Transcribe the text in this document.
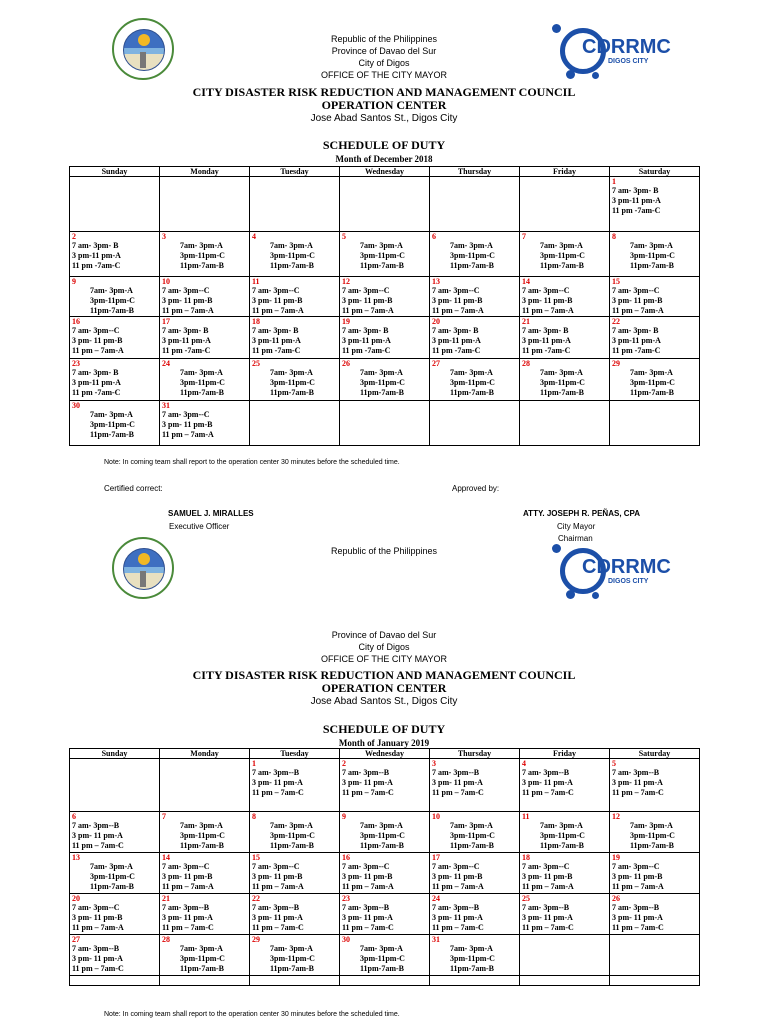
CDRRMC
DIGOS CITY
Republic of the Philippines
Province of Davao del Sur
City of Digos
OFFICE OF THE CITY MAYOR
CITY DISASTER RISK REDUCTION AND MANAGEMENT COUNCIL
OPERATION CENTER
Jose Abad Santos St., Digos City
SCHEDULE OF DUTY
Month of December 2018
Sunday	Monday	Tuesday	Wednesday	Thursday	Friday	Saturday

						1
7 am- 3pm- B
3 pm-11 pm-A
11 pm -7am-C

2
7 am- 3pm- B
3 pm-11 pm-A
11 pm -7am-C	3
7am- 3pm-A
3pm-11pm-C
11pm-7am-B	4
7am- 3pm-A
3pm-11pm-C
11pm-7am-B	5
7am- 3pm-A
3pm-11pm-C
11pm-7am-B	6
7am- 3pm-A
3pm-11pm-C
11pm-7am-B	7
7am- 3pm-A
3pm-11pm-C
11pm-7am-B	8
7am- 3pm-A
3pm-11pm-C
11pm-7am-B

9
7am- 3pm-A
3pm-11pm-C
11pm-7am-B	10
7 am- 3pm--C
3 pm- 11 pm-B
11 pm – 7am-A	11
7 am- 3pm--C
3 pm- 11 pm-B
11 pm – 7am-A	12
7 am- 3pm--C
3 pm- 11 pm-B
11 pm – 7am-A	13
7 am- 3pm--C
3 pm- 11 pm-B
11 pm – 7am-A	14
7 am- 3pm--C
3 pm- 11 pm-B
11 pm – 7am-A	15
7 am- 3pm--C
3 pm- 11 pm-B
11 pm – 7am-A

16
7 am- 3pm--C
3 pm- 11 pm-B
11 pm – 7am-A	17
7 am- 3pm- B
3 pm-11 pm-A
11 pm -7am-C	18
7 am- 3pm- B
3 pm-11 pm-A
11 pm -7am-C	19
7 am- 3pm- B
3 pm-11 pm-A
11 pm -7am-C	20
7 am- 3pm- B
3 pm-11 pm-A
11 pm -7am-C	21
7 am- 3pm- B
3 pm-11 pm-A
11 pm -7am-C	22
7 am- 3pm- B
3 pm-11 pm-A
11 pm -7am-C

23
7 am- 3pm- B
3 pm-11 pm-A
11 pm -7am-C	24
7am- 3pm-A
3pm-11pm-C
11pm-7am-B	25
7am- 3pm-A
3pm-11pm-C
11pm-7am-B	26
7am- 3pm-A
3pm-11pm-C
11pm-7am-B	27
7am- 3pm-A
3pm-11pm-C
11pm-7am-B	28
7am- 3pm-A
3pm-11pm-C
11pm-7am-B	29
7am- 3pm-A
3pm-11pm-C
11pm-7am-B

30
7am- 3pm-A
3pm-11pm-C
11pm-7am-B	31
7 am- 3pm--C
3 pm- 11 pm-B
11 pm – 7am-A					

Note: In coming team shall report to the operation center 30 minutes before the scheduled time.
Certified correct:	Approved by:
SAMUEL J. MIRALLES
Executive Officer
ATTY. JOSEPH R. PEÑAS, CPA
City Mayor
Chairman
CDRRMC
DIGOS CITY
Republic of the Philippines
Province of Davao del Sur
City of Digos
OFFICE OF THE CITY MAYOR
CITY DISASTER RISK REDUCTION AND MANAGEMENT COUNCIL
OPERATION CENTER
Jose Abad Santos St., Digos City
SCHEDULE OF DUTY
Month of January 2019
Sunday	Monday	Tuesday	Wednesday	Thursday	Friday	Saturday

		1
7 am- 3pm--B
3 pm- 11 pm-A
11 pm – 7am-C	2
7 am- 3pm--B
3 pm- 11 pm-A
11 pm – 7am-C	3
7 am- 3pm--B
3 pm- 11 pm-A
11 pm – 7am-C	4
7 am- 3pm--B
3 pm- 11 pm-A
11 pm – 7am-C	5
7 am- 3pm--B
3 pm- 11 pm-A
11 pm – 7am-C

6
7 am- 3pm--B
3 pm- 11 pm-A
11 pm – 7am-C	7
7am- 3pm-A
3pm-11pm-C
11pm-7am-B	8
7am- 3pm-A
3pm-11pm-C
11pm-7am-B	9
7am- 3pm-A
3pm-11pm-C
11pm-7am-B	10
7am- 3pm-A
3pm-11pm-C
11pm-7am-B	11
7am- 3pm-A
3pm-11pm-C
11pm-7am-B	12
7am- 3pm-A
3pm-11pm-C
11pm-7am-B

13
7am- 3pm-A
3pm-11pm-C
11pm-7am-B	14
7 am- 3pm--C
3 pm- 11 pm-B
11 pm – 7am-A	15
7 am- 3pm--C
3 pm- 11 pm-B
11 pm – 7am-A	16
7 am- 3pm--C
3 pm- 11 pm-B
11 pm – 7am-A	17
7 am- 3pm--C
3 pm- 11 pm-B
11 pm – 7am-A	18
7 am- 3pm--C
3 pm- 11 pm-B
11 pm – 7am-A	19
7 am- 3pm--C
3 pm- 11 pm-B
11 pm – 7am-A

20
7 am- 3pm--C
3 pm- 11 pm-B
11 pm – 7am-A	21
7 am- 3pm--B
3 pm- 11 pm-A
11 pm – 7am-C	22
7 am- 3pm--B
3 pm- 11 pm-A
11 pm – 7am-C	23
7 am- 3pm--B
3 pm- 11 pm-A
11 pm – 7am-C	24
7 am- 3pm--B
3 pm- 11 pm-A
11 pm – 7am-C	25
7 am- 3pm--B
3 pm- 11 pm-A
11 pm – 7am-C	26
7 am- 3pm--B
3 pm- 11 pm-A
11 pm – 7am-C

27
7 am- 3pm--B
3 pm- 11 pm-A
11 pm – 7am-C	28
7am- 3pm-A
3pm-11pm-C
11pm-7am-B	29
7am- 3pm-A
3pm-11pm-C
11pm-7am-B	30
7am- 3pm-A
3pm-11pm-C
11pm-7am-B	31
7am- 3pm-A
3pm-11pm-C
11pm-7am-B		

Note: In coming team shall report to the operation center 30 minutes before the scheduled time.
